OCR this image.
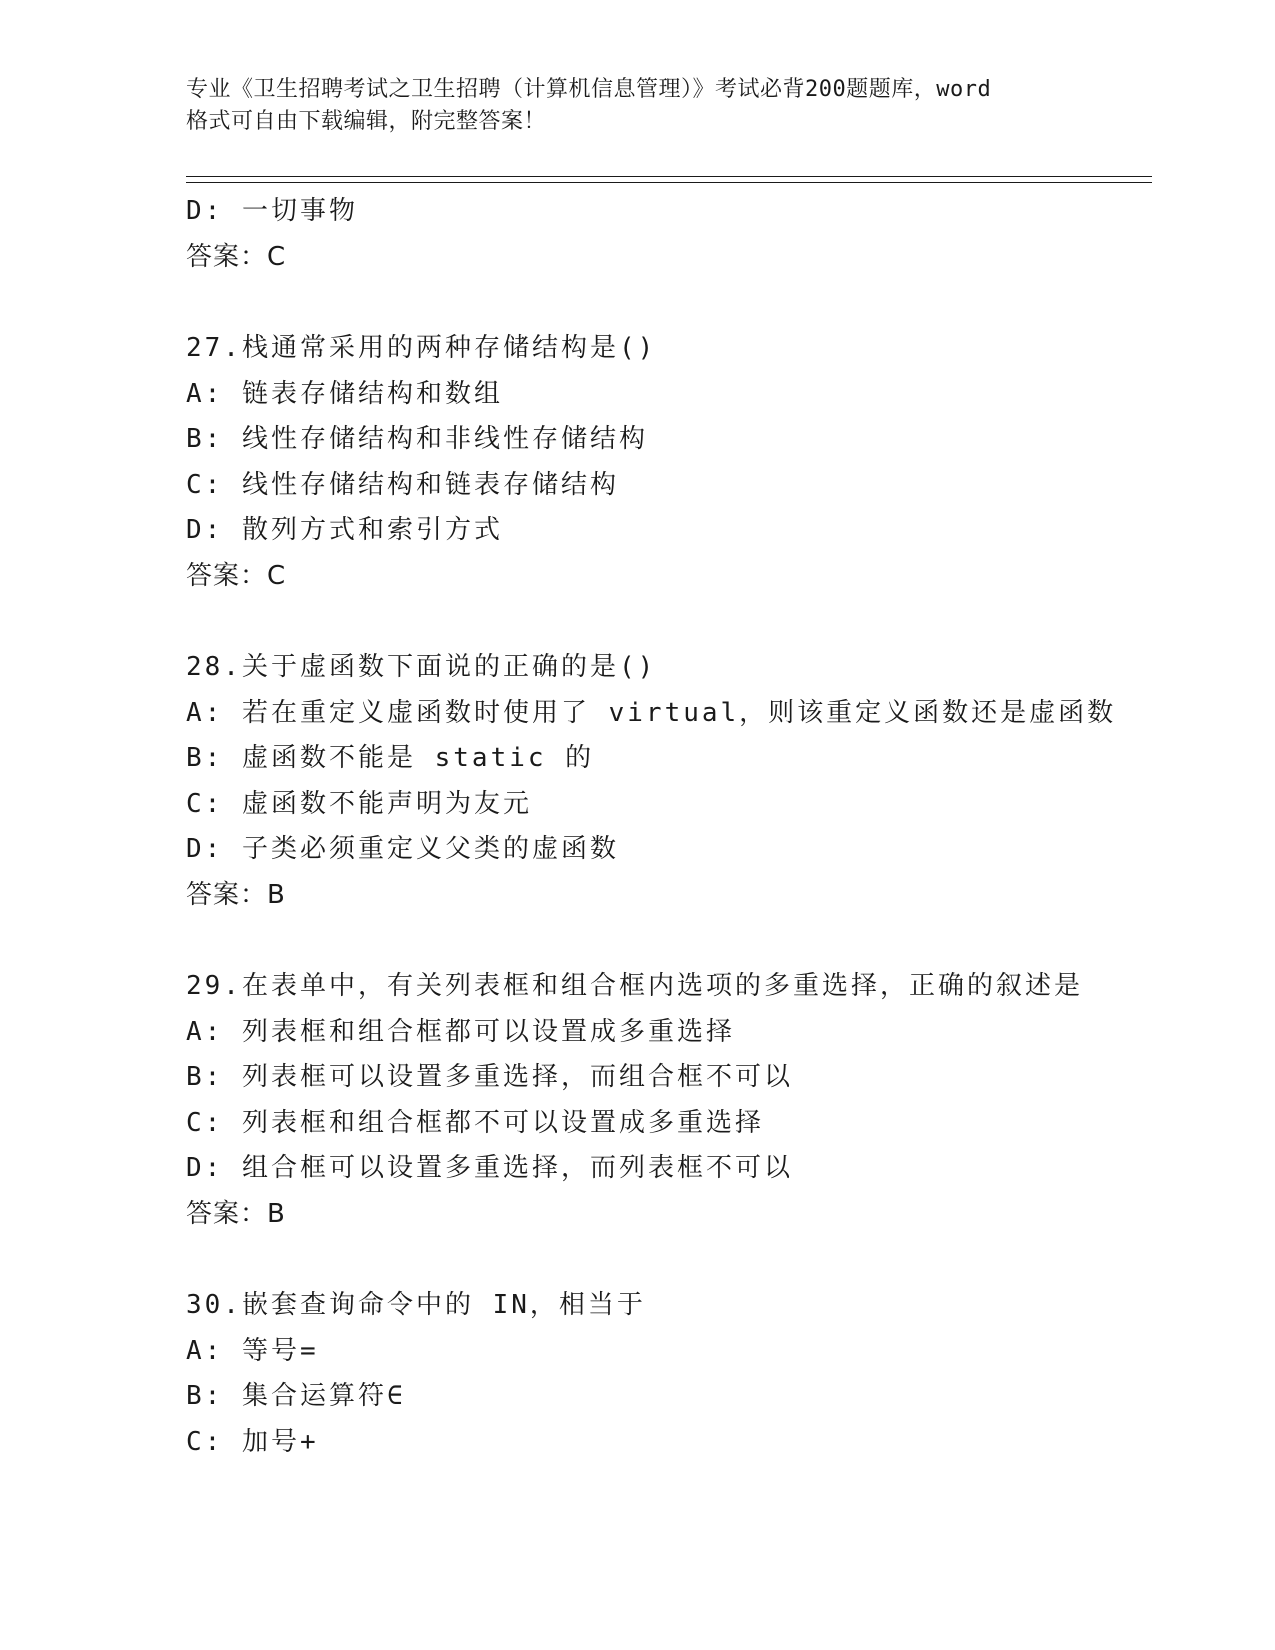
专业《卫生招聘考试之卫生招聘（计算机信息管理）》考试必背200题题库，word
格式可自由下载编辑，附完整答案！
D: 一切事物
答案：C
27.栈通常采用的两种存储结构是()
A: 链表存储结构和数组
B: 线性存储结构和非线性存储结构
C: 线性存储结构和链表存储结构
D: 散列方式和索引方式
答案：C
28.关于虚函数下面说的正确的是()
A: 若在重定义虚函数时使用了 virtual，则该重定义函数还是虚函数
B: 虚函数不能是 static 的
C: 虚函数不能声明为友元
D: 子类必须重定义父类的虚函数
答案：B
29.在表单中，有关列表框和组合框内选项的多重选择，正确的叙述是
A: 列表框和组合框都可以设置成多重选择
B: 列表框可以设置多重选择，而组合框不可以
C: 列表框和组合框都不可以设置成多重选择
D: 组合框可以设置多重选择，而列表框不可以
答案：B
30.嵌套查询命令中的 IN，相当于
A: 等号=
B: 集合运算符∈
C: 加号+
